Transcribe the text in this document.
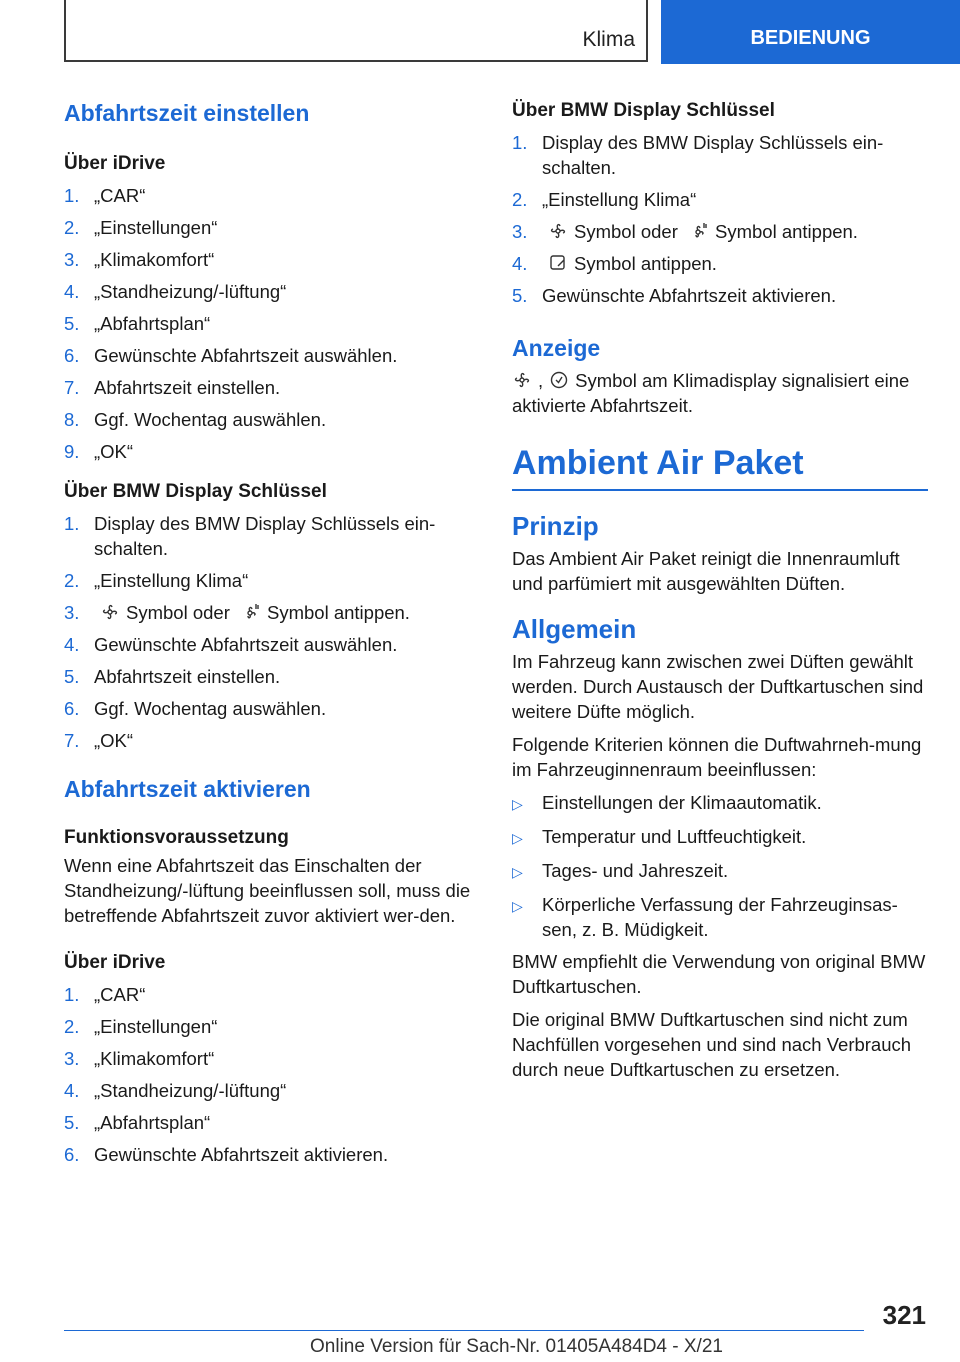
Klima	BEDIENUNG
Abfahrtszeit einstellen

Über iDrive

1. „CAR“
2. „Einstellungen“
3. „Klimakomfort“
4. „Standheizung/-lüftung“
5. „Abfahrtsplan“
6. Gewünschte Abfahrtszeit auswählen.
7. Abfahrtszeit einstellen.
8. Ggf. Wochentag auswählen.
9. „OK“

Über BMW Display Schlüssel

1. Display des BMW Display Schlüssels ein-schalten.
2. „Einstellung Klima“
3.	Symbol oder Symbol antippen.
4. Gewünschte Abfahrtszeit auswählen.
5. Abfahrtszeit einstellen.
6. Ggf. Wochentag auswählen.
7. „OK“
Abfahrtszeit aktivieren

Funktionsvoraussetzung

Wenn eine Abfahrtszeit das Einschalten der Standheizung/-lüftung beeinflussen soll, muss die betreffende Abfahrtszeit zuvor aktiviert wer-den.

Über iDrive

1. „CAR“
2. „Einstellungen“
3. „Klimakomfort“
4. „Standheizung/-lüftung“
5. „Abfahrtsplan“
6. Gewünschte Abfahrtszeit aktivieren.

Über BMW Display Schlüssel

1. Display des BMW Display Schlüssels ein-schalten.
2. „Einstellung Klima“
3.	Symbol oder Symbol antippen.
4.	Symbol antippen.
5. Gewünschte Abfahrtszeit aktivieren.
Anzeige

, Symbol am Klimadisplay signalisiert eine aktivierte Abfahrtszeit.

Ambient Air Paket
Prinzip

Das Ambient Air Paket reinigt die Innenraumluft und parfümiert mit ausgewählten Düften.

Allgemein

Im Fahrzeug kann zwischen zwei Düften gewählt werden. Durch Austausch der Duftkartuschen sind weitere Düfte möglich.

Folgende Kriterien können die Duftwahrneh-mung im Fahrzeuginnenraum beeinflussen:

▷	Einstellungen der Klimaautomatik.
▷	Temperatur und Luftfeuchtigkeit.
▷	Tages- und Jahreszeit.
▷	Körperliche Verfassung der Fahrzeuginsas-sen, z. B. Müdigkeit.

BMW empfiehlt die Verwendung von original BMW Duftkartuschen.

Die original BMW Duftkartuschen sind nicht zum Nachfüllen vorgesehen und sind nach Verbrauch durch neue Duftkartuschen zu ersetzen.

321
Online Version für Sach-Nr. 01405A484D4 - X/21
